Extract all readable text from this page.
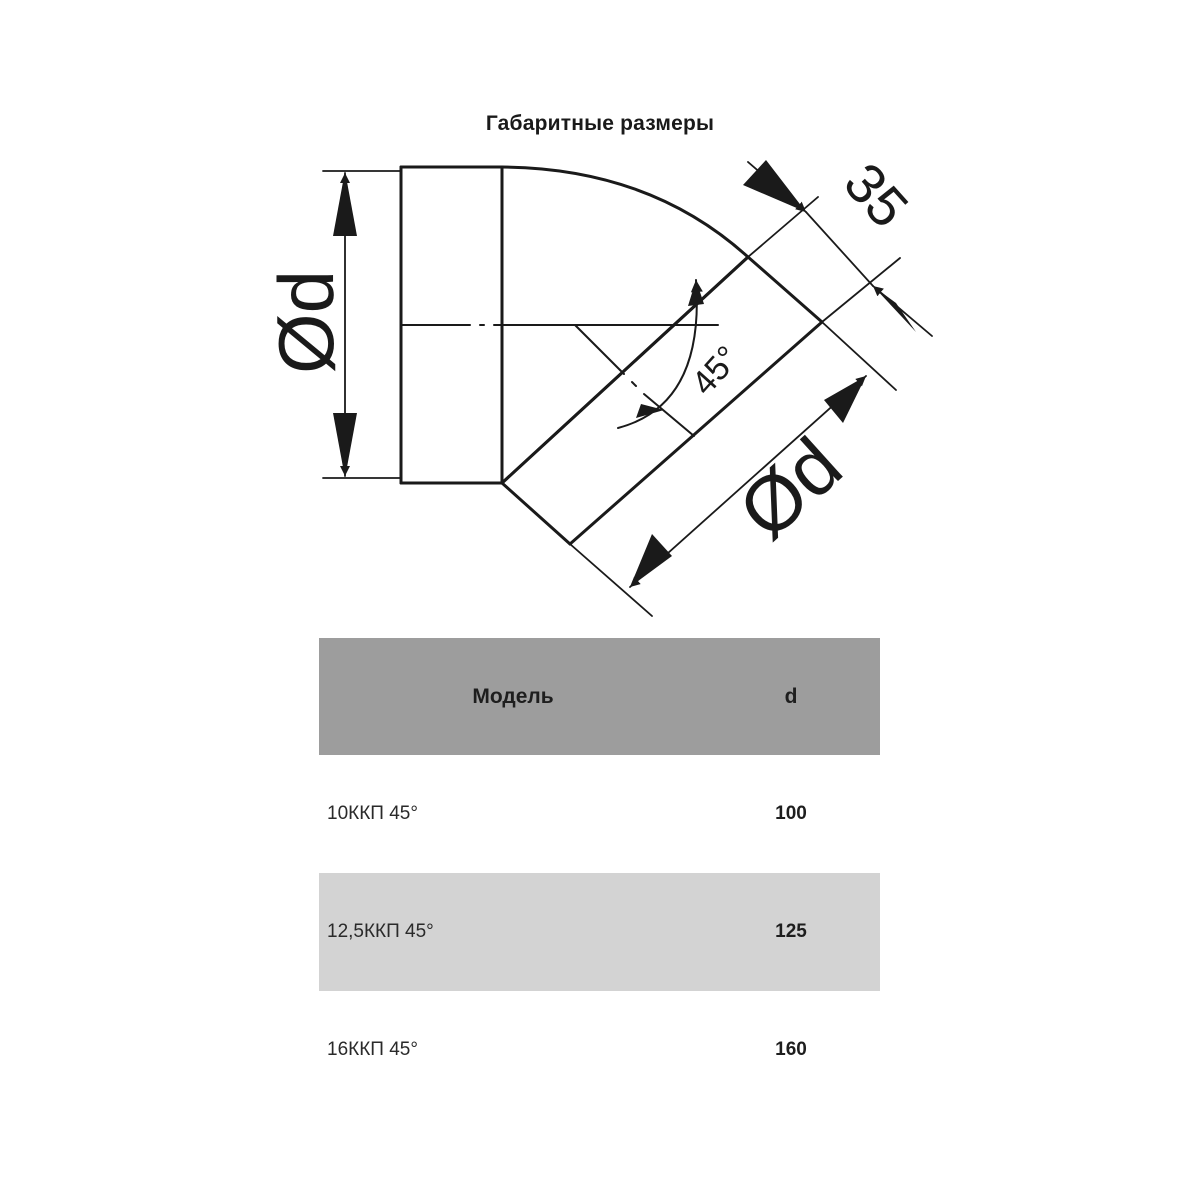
Габаритные размеры
Ød
Ød
35
45°
Модель	d
10ККП 45°	100
12,5ККП 45°	125
16ККП 45°	160
